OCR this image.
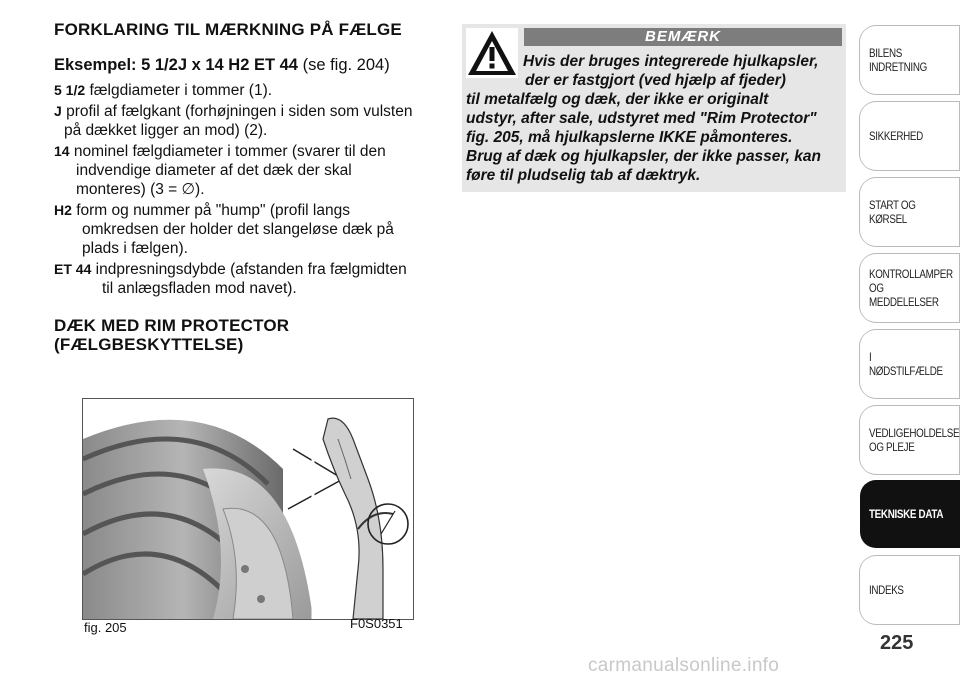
FORKLARING TIL MÆRKNING PÅ FÆLGE
Eksempel: 5 1/2J x 14 H2 ET 44 (se fig. 204)
5 1/2 fælgdiameter i tommer (1).
J profil af fælgkant (forhøjningen i siden som vulsten
på dækket ligger an mod) (2).
14 nominel fælgdiameter i tommer (svarer til den
indvendige diameter af det dæk der skal
monteres) (3 = ∅).
H2 form og nummer på "hump" (profil langs
omkredsen der holder det slangeløse dæk på
plads i fælgen).
ET 44 indpresningsdybde (afstanden fra fælgmidten
til anlægsfladen mod navet).
DÆK MED RIM PROTECTOR
(FÆLGBESKYTTELSE)
fig. 205	F0S0351
BEMÆRK
Hvis der bruges integrerede hjulkapsler,
der er fastgjort (ved hjælp af fjeder)
til metalfælg og dæk, der ikke er originalt
udstyr, after sale, udstyret med "Rim Protector"
fig. 205, må hjulkapslerne IKKE påmonteres.
Brug af dæk og hjulkapsler, der ikke passer, kan
føre til pludselig tab af dæktryk.
BILENS INDRETNING
SIKKERHED
START OG KØRSEL
KONTROLLAMPER
OG MEDDELELSER
I NØDSTILFÆLDE
VEDLIGEHOLDELSE
OG PLEJE
TEKNISKE DATA
INDEKS
225
carmanualsonline.info
